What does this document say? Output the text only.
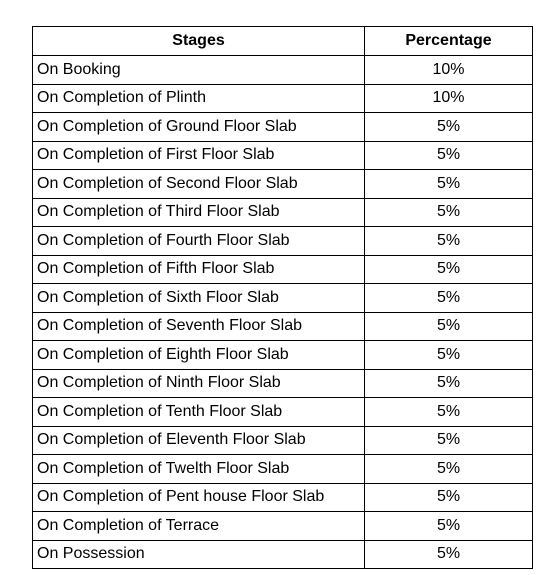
Stages	Percentage
On Booking	10%
On Completion of Plinth	10%
On Completion of Ground Floor Slab	5%
On Completion of First Floor Slab	5%
On Completion of Second Floor Slab	5%
On Completion of Third Floor Slab	5%
On Completion of Fourth Floor Slab	5%
On Completion of Fifth Floor Slab	5%
On Completion of Sixth Floor Slab	5%
On Completion of Seventh Floor Slab	5%
On Completion of Eighth Floor Slab	5%
On Completion of Ninth Floor Slab	5%
On Completion of Tenth Floor Slab	5%
On Completion of Eleventh Floor Slab	5%
On Completion of Twelth Floor Slab	5%
On Completion of Pent house Floor Slab	5%
On Completion of Terrace	5%
On Possession	5%
